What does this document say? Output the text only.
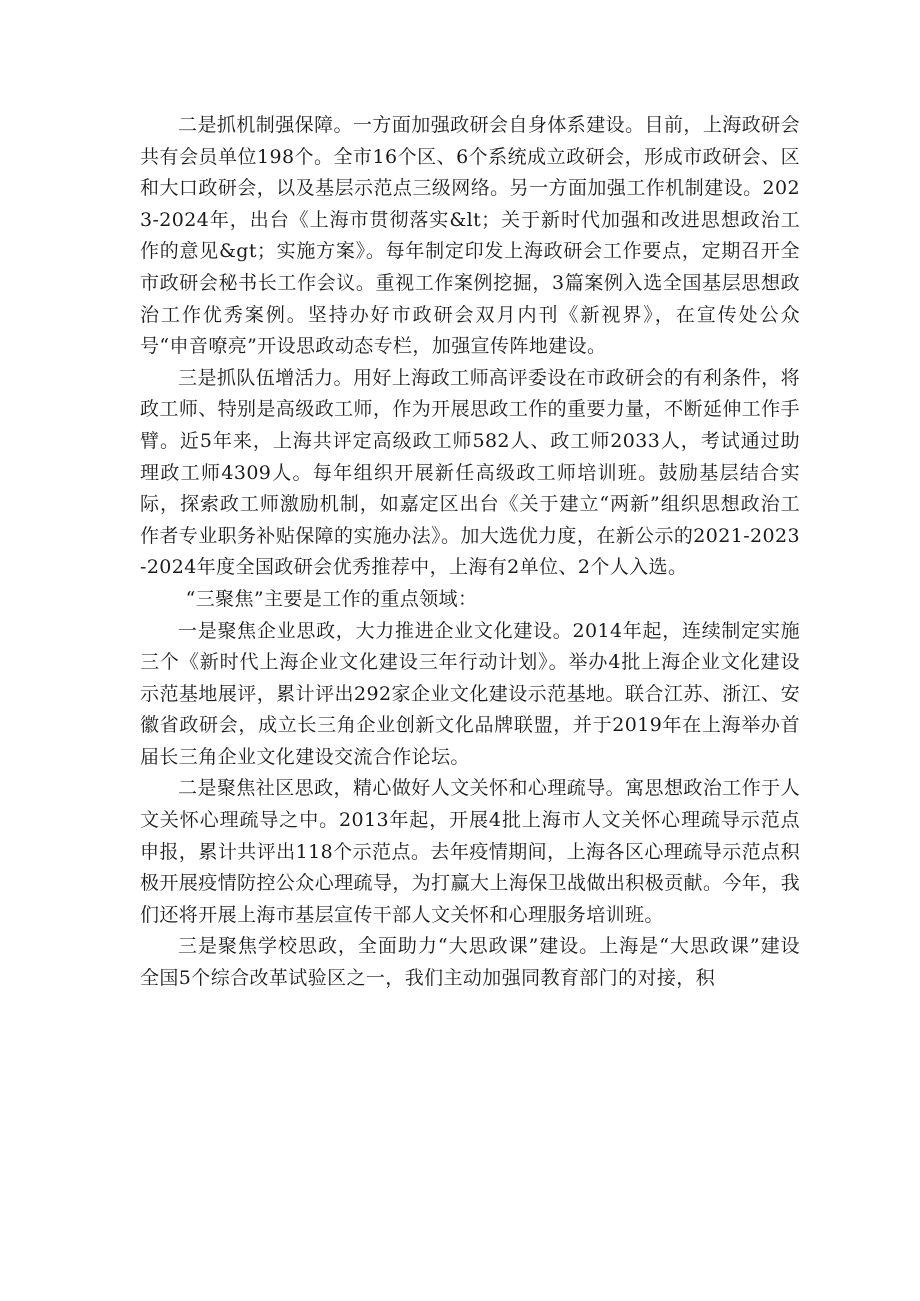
二是抓机制强保障。一方面加强政研会自身体系建设。目前，上海政研会共有会员单位198个。全市16个区、6个系统成立政研会，形成市政研会、区和大口政研会，以及基层示范点三级网络。另一方面加强工作机制建设。2023-2024年，出台《上海市贯彻落实&lt；关于新时代加强和改进思想政治工作的意见&gt；实施方案》。每年制定印发上海政研会工作要点，定期召开全市政研会秘书长工作会议。重视工作案例挖掘，3篇案例入选全国基层思想政治工作优秀案例。坚持办好市政研会双月内刊《新视界》，在宣传处公众号“申音嘹亮”开设思政动态专栏，加强宣传阵地建设。

三是抓队伍增活力。用好上海政工师高评委设在市政研会的有利条件，将政工师、特别是高级政工师，作为开展思政工作的重要力量，不断延伸工作手臂。近5年来，上海共评定高级政工师582人、政工师2033人，考试通过助理政工师4309人。每年组织开展新任高级政工师培训班。鼓励基层结合实际，探索政工师激励机制，如嘉定区出台《关于建立“两新”组织思想政治工作者专业职务补贴保障的实施办法》。加大选优力度，在新公示的2021-2023-2024年度全国政研会优秀推荐中，上海有2单位、2个人入选。

“三聚焦”主要是工作的重点领域：

一是聚焦企业思政，大力推进企业文化建设。2014年起，连续制定实施三个《新时代上海企业文化建设三年行动计划》。举办4批上海企业文化建设示范基地展评，累计评出292家企业文化建设示范基地。联合江苏、浙江、安徽省政研会，成立长三角企业创新文化品牌联盟，并于2019年在上海举办首届长三角企业文化建设交流合作论坛。

二是聚焦社区思政，精心做好人文关怀和心理疏导。寓思想政治工作于人文关怀心理疏导之中。2013年起，开展4批上海市人文关怀心理疏导示范点申报，累计共评出118个示范点。去年疫情期间，上海各区心理疏导示范点积极开展疫情防控公众心理疏导，为打赢大上海保卫战做出积极贡献。今年，我们还将开展上海市基层宣传干部人文关怀和心理服务培训班。

三是聚焦学校思政，全面助力“大思政课”建设。上海是“大思政课”建设全国5个综合改革试验区之一，我们主动加强同教育部门的对接，积
